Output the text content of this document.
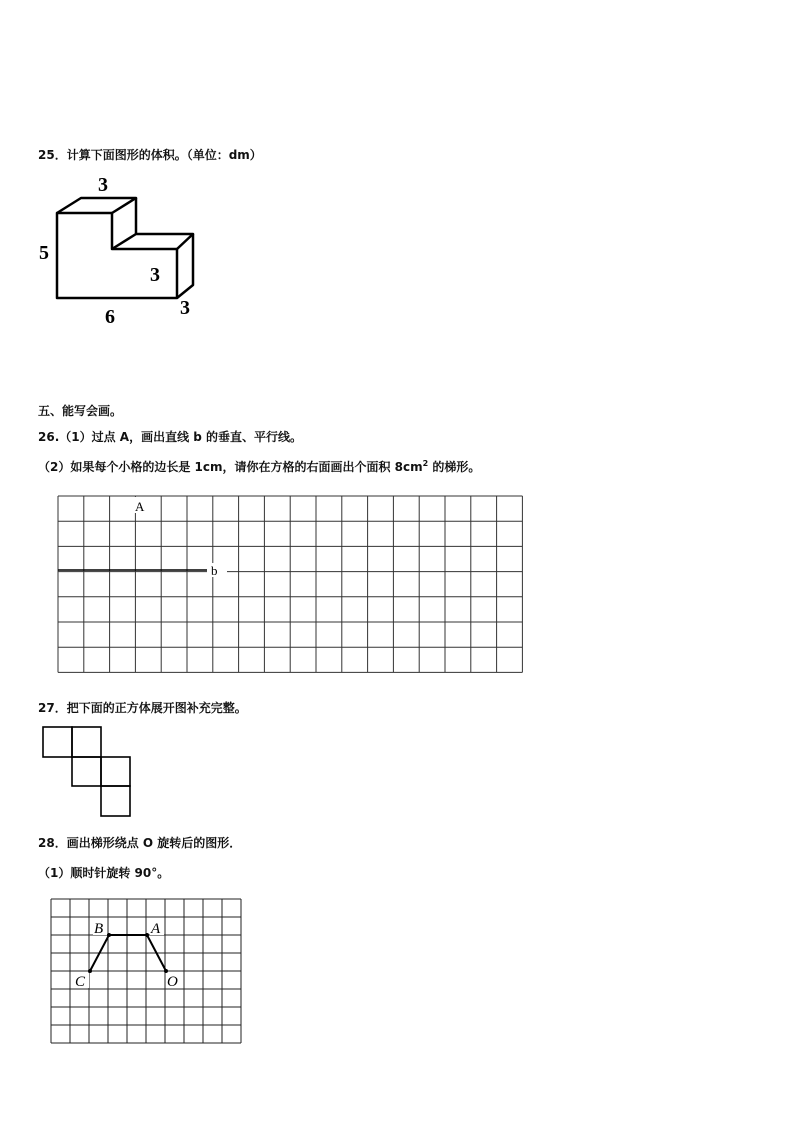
25．计算下面图形的体积。（单位：dm）
3
5
3
6	3
五、能写会画。
26.（1）过点 A，画出直线 b 的垂直、平行线。
（2）如果每个小格的边长是 1cm，请你在方格的右面画出个面积 $8cm^2$ 的梯形。
b
A
27．把下面的正方体展开图补充完整。
28．画出梯形绕点 O 旋转后的图形．
（1）顺时针旋转 90°。
B	A
C	O
